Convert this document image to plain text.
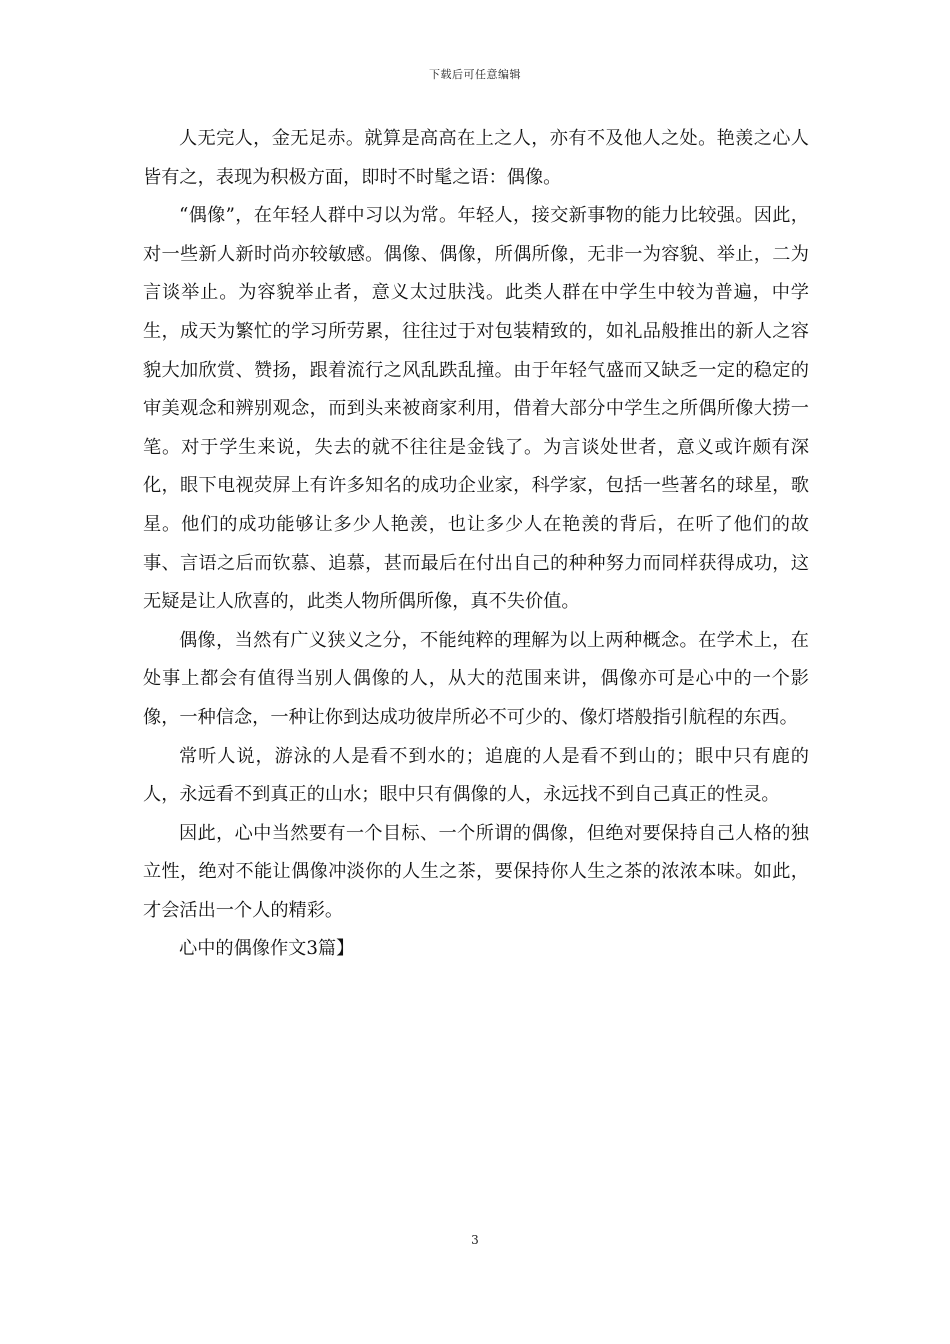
下载后可任意编辑

人无完人，金无足赤。就算是高高在上之人，亦有不及他人之处。艳羡之心人皆有之，表现为积极方面，即时不时髦之语：偶像。

“偶像”，在年轻人群中习以为常。年轻人，接交新事物的能力比较强。因此，对一些新人新时尚亦较敏感。偶像、偶像，所偶所像，无非一为容貌、举止，二为言谈举止。为容貌举止者，意义太过肤浅。此类人群在中学生中较为普遍，中学生，成天为繁忙的学习所劳累，往往过于对包装精致的，如礼品般推出的新人之容貌大加欣赏、赞扬，跟着流行之风乱跌乱撞。由于年轻气盛而又缺乏一定的稳定的审美观念和辨别观念，而到头来被商家利用，借着大部分中学生之所偶所像大捞一笔。对于学生来说，失去的就不往往是金钱了。为言谈处世者，意义或许颇有深化，眼下电视荧屏上有许多知名的成功企业家，科学家，包括一些著名的球星，歌星。他们的成功能够让多少人艳羡，也让多少人在艳羡的背后，在听了他们的故事、言语之后而钦慕、追慕，甚而最后在付出自己的种种努力而同样获得成功，这无疑是让人欣喜的，此类人物所偶所像，真不失价值。

偶像，当然有广义狭义之分，不能纯粹的理解为以上两种概念。在学术上，在处事上都会有值得当别人偶像的人，从大的范围来讲，偶像亦可是心中的一个影像，一种信念，一种让你到达成功彼岸所必不可少的、像灯塔般指引航程的东西。

常听人说，游泳的人是看不到水的；追鹿的人是看不到山的；眼中只有鹿的人，永远看不到真正的山水；眼中只有偶像的人，永远找不到自己真正的性灵。

因此，心中当然要有一个目标、一个所谓的偶像，但绝对要保持自己人格的独立性，绝对不能让偶像冲淡你的人生之茶，要保持你人生之茶的浓浓本味。如此，才会活出一个人的精彩。

心中的偶像作文3篇】

3
